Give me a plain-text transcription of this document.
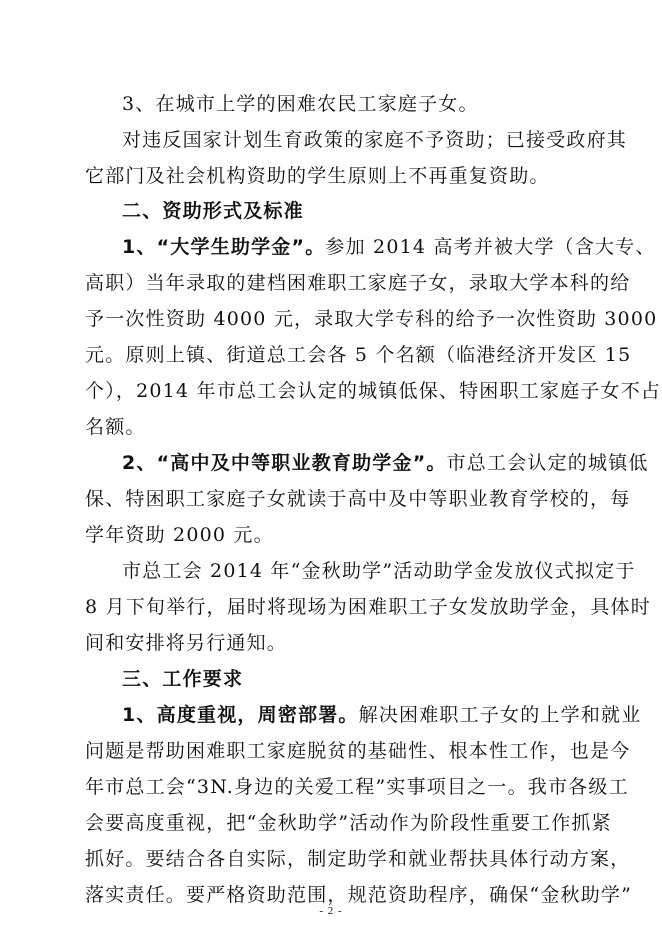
3、在城市上学的困难农民工家庭子女。
对违反国家计划生育政策的家庭不予资助；已接受政府其
它部门及社会机构资助的学生原则上不再重复资助。
二、资助形式及标准
1、“大学生助学金”。参加 2014 高考并被大学（含大专、
高职）当年录取的建档困难职工家庭子女，录取大学本科的给
予一次性资助 4000 元，录取大学专科的给予一次性资助 3000
元。原则上镇、街道总工会各 5 个名额（临港经济开发区 15
个），2014 年市总工会认定的城镇低保、特困职工家庭子女不占
名额。
2、“高中及中等职业教育助学金”。市总工会认定的城镇低
保、特困职工家庭子女就读于高中及中等职业教育学校的，每
学年资助 2000 元。
市总工会 2014 年“金秋助学”活动助学金发放仪式拟定于
8 月下旬举行，届时将现场为困难职工子女发放助学金，具体时
间和安排将另行通知。
三、工作要求
1、高度重视，周密部署。解决困难职工子女的上学和就业
问题是帮助困难职工家庭脱贫的基础性、根本性工作，也是今
年市总工会“3N.身边的关爱工程”实事项目之一。我市各级工
会要高度重视，把“金秋助学”活动作为阶段性重要工作抓紧
抓好。要结合各自实际，制定助学和就业帮扶具体行动方案，
落实责任。要严格资助范围，规范资助程序，确保“金秋助学”
- 2 -
